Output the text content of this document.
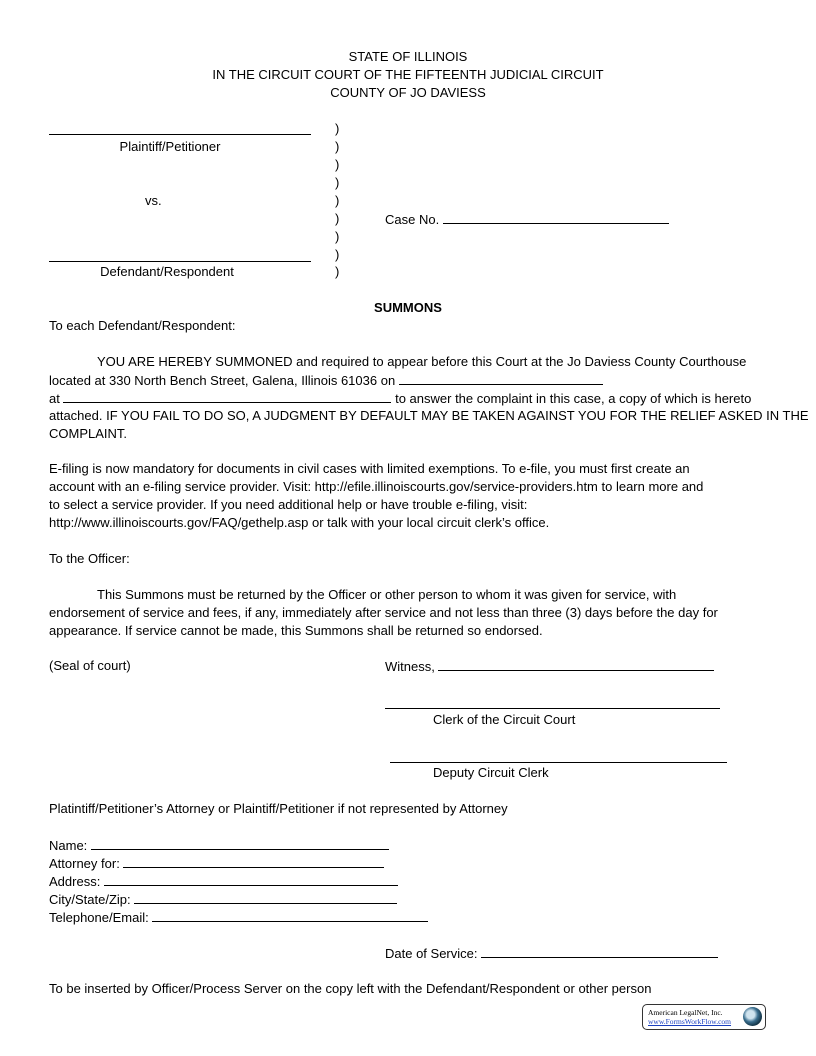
STATE OF ILLINOIS
IN THE CIRCUIT COURT OF THE FIFTEENTH JUDICIAL CIRCUIT
COUNTY OF JO DAVIESS
Plaintiff/Petitioner
vs.
Defendant/Respondent
)
)
)
)
)
)
)
)
)
Case No.
SUMMONS
To each Defendant/Respondent:
YOU ARE HEREBY SUMMONED and required to appear before this Court at the Jo Daviess County Courthouse
located at 330 North Bench Street, Galena, Illinois 61036 on
at	to answer the complaint in this case, a copy of which is hereto
attached. IF YOU FAIL TO DO SO, A JUDGMENT BY DEFAULT MAY BE TAKEN AGAINST YOU FOR THE RELIEF ASKED IN THE
COMPLAINT.
E-filing is now mandatory for documents in civil cases with limited exemptions. To e-file, you must first create an
account with an e-filing service provider. Visit: http://efile.illinoiscourts.gov/service-providers.htm to learn more and
to select a service provider. If you need additional help or have trouble e-filing, visit:
http://www.illinoiscourts.gov/FAQ/gethelp.asp or talk with your local circuit clerk’s office.
To the Officer:
This Summons must be returned by the Officer or other person to whom it was given for service, with
endorsement of service and fees, if any, immediately after service and not less than three (3) days before the day for
appearance. If service cannot be made, this Summons shall be returned so endorsed.
(Seal of court)	Witness,
Clerk of the Circuit Court
Deputy Circuit Clerk
Platintiff/Petitioner’s Attorney or Plaintiff/Petitioner if not represented by Attorney
Name:
Attorney for:
Address:
City/State/Zip:
Telephone/Email:
Date of Service:
To be inserted by Officer/Process Server on the copy left with the Defendant/Respondent or other person
American LegalNet, Inc.
www.FormsWorkFlow.com
